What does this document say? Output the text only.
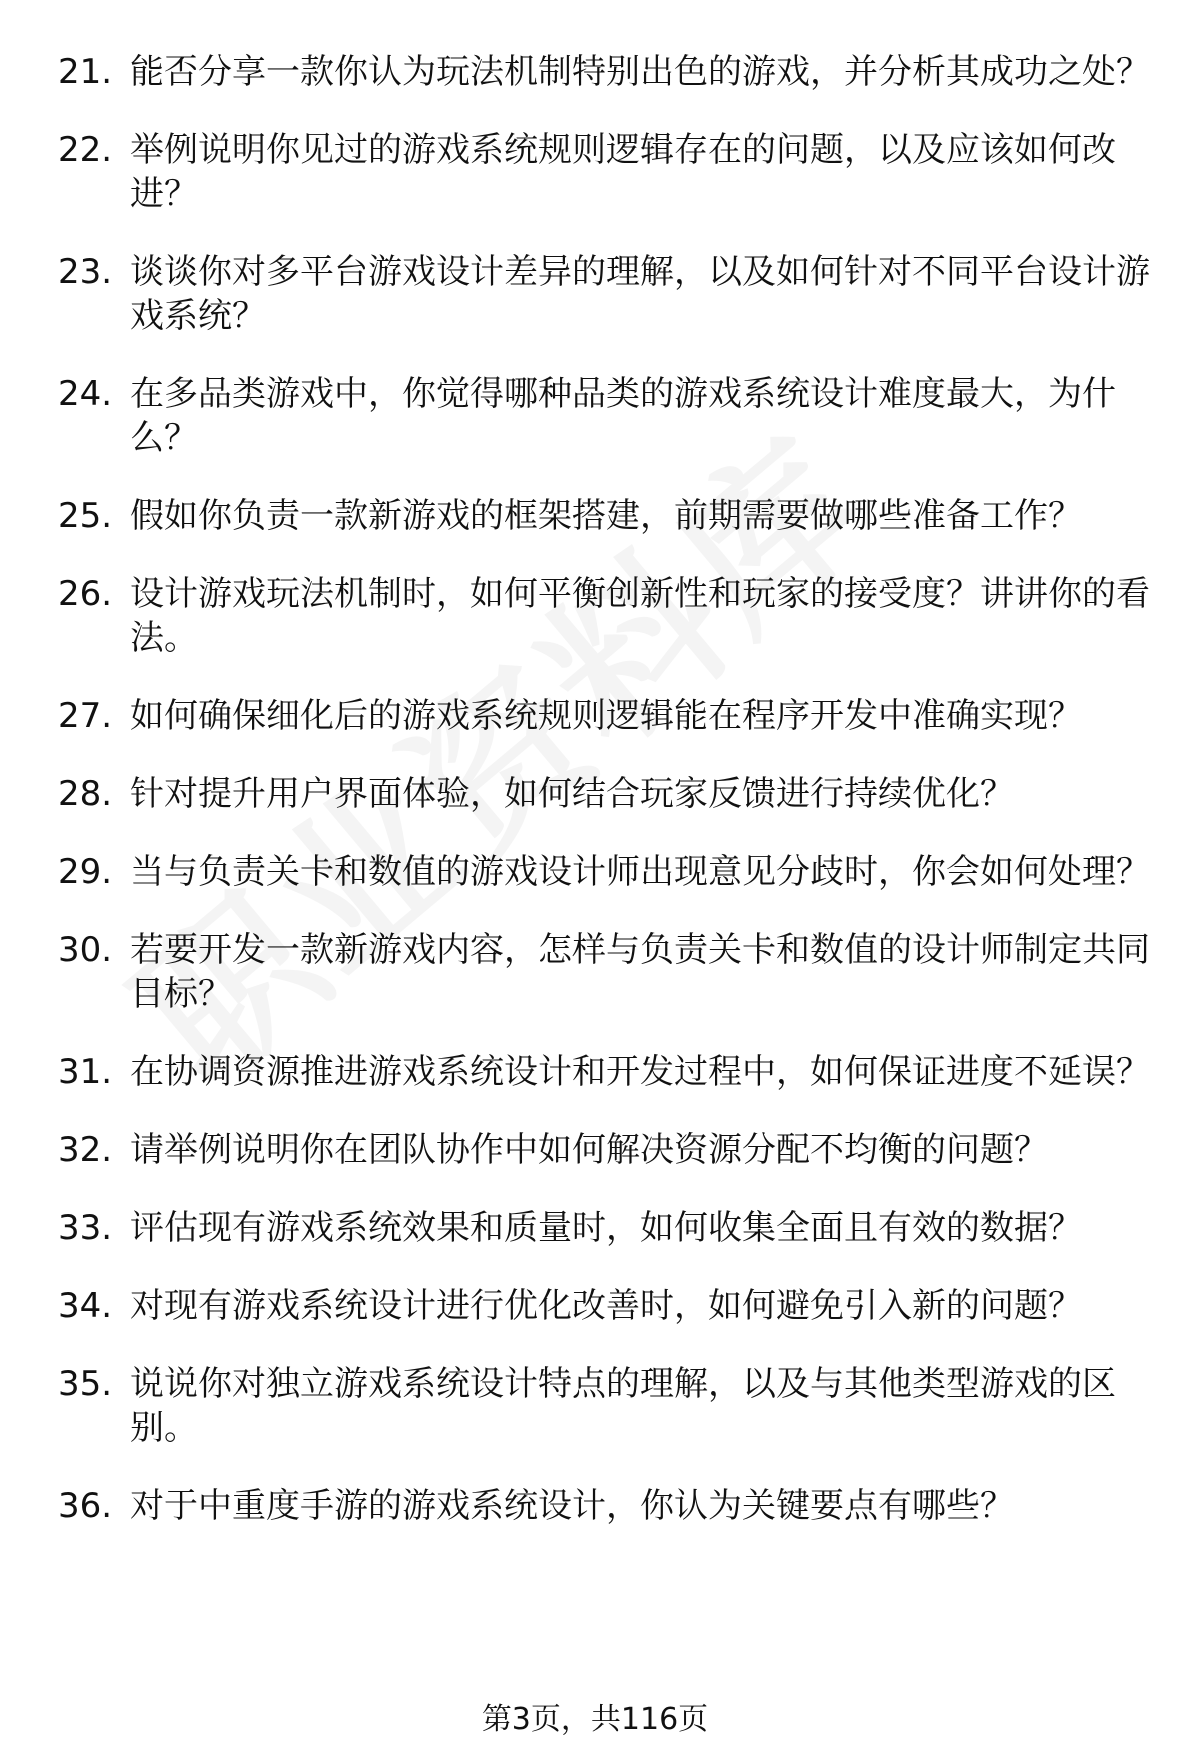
21. 能否分享一款你认为玩法机制特别出色的游戏，并分析其成功之处？
22. 举例说明你见过的游戏系统规则逻辑存在的问题，以及应该如何改进？
23. 谈谈你对多平台游戏设计差异的理解，以及如何针对不同平台设计游戏系统？
24. 在多品类游戏中，你觉得哪种品类的游戏系统设计难度最大，为什么？
25. 假如你负责一款新游戏的框架搭建，前期需要做哪些准备工作？
26. 设计游戏玩法机制时，如何平衡创新性和玩家的接受度？讲讲你的看法。
27. 如何确保细化后的游戏系统规则逻辑能在程序开发中准确实现？
28. 针对提升用户界面体验，如何结合玩家反馈进行持续优化？
29. 当与负责关卡和数值的游戏设计师出现意见分歧时，你会如何处理？
30. 若要开发一款新游戏内容，怎样与负责关卡和数值的设计师制定共同目标？
31. 在协调资源推进游戏系统设计和开发过程中，如何保证进度不延误？
32. 请举例说明你在团队协作中如何解决资源分配不均衡的问题？
33. 评估现有游戏系统效果和质量时，如何收集全面且有效的数据？
34. 对现有游戏系统设计进行优化改善时，如何避免引入新的问题？
35. 说说你对独立游戏系统设计特点的理解，以及与其他类型游戏的区别。
36. 对于中重度手游的游戏系统设计，你认为关键要点有哪些？
第3页，共116页
